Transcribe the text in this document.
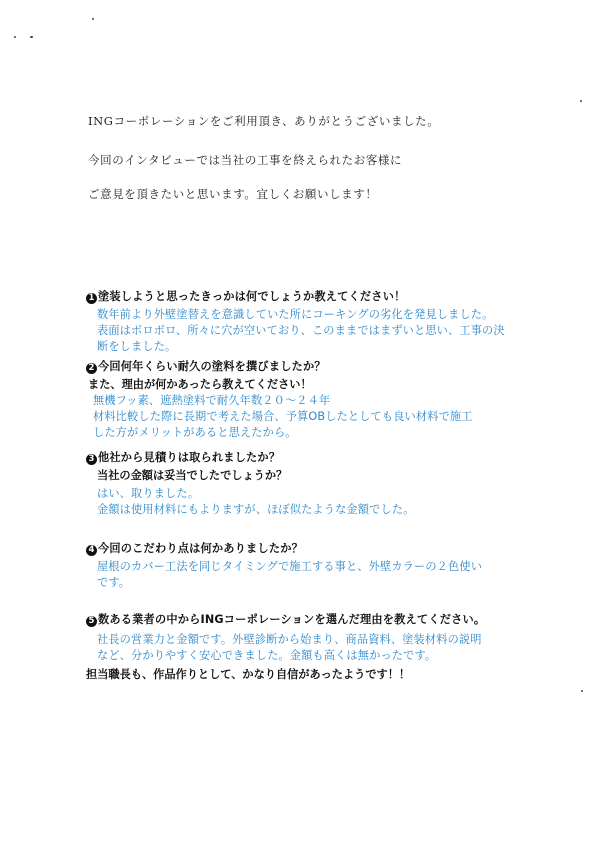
INGコーポレーションをご利用頂き、ありがとうございました。
今回のインタビューでは当社の工事を終えられたお客様に
ご意見を頂きたいと思います。宜しくお願いします！
1 塗装しようと思ったきっかは何でしょうか教えてください！
数年前より外壁塗替えを意識していた所にコーキングの劣化を発見しました。
表面はボロボロ、所々に穴が空いており、このままではまずいと思い、工事の決
断をしました。
2 今回何年くらい耐久の塗料を撰びましたか？
また、理由が何かあったら教えてください！
無機フッ素、遮熱塗料で耐久年数２０～２４年
材料比較した際に長期で考えた場合、予算OBしたとしても良い材料で施工
した方がメリットがあると思えたから。
3 他社から見積りは取られましたか？
当社の金額は妥当でしたでしょうか？
はい、取りました。
金額は使用材料にもよりますが、ほぼ似たような金額でした。
4 今回のこだわり点は何かありましたか？
屋根のカバー工法を同じタイミングで施工する事と、外壁カラーの２色使い
です。
5 数ある業者の中からINGコーポレーションを選んだ理由を教えてください。
社長の営業力と金額です。外壁診断から始まり、商品資料、塗装材料の説明
など、分かりやすく安心できました。金額も高くは無かったです。
担当職長も、作品作りとして、かなり自信があったようです！！
